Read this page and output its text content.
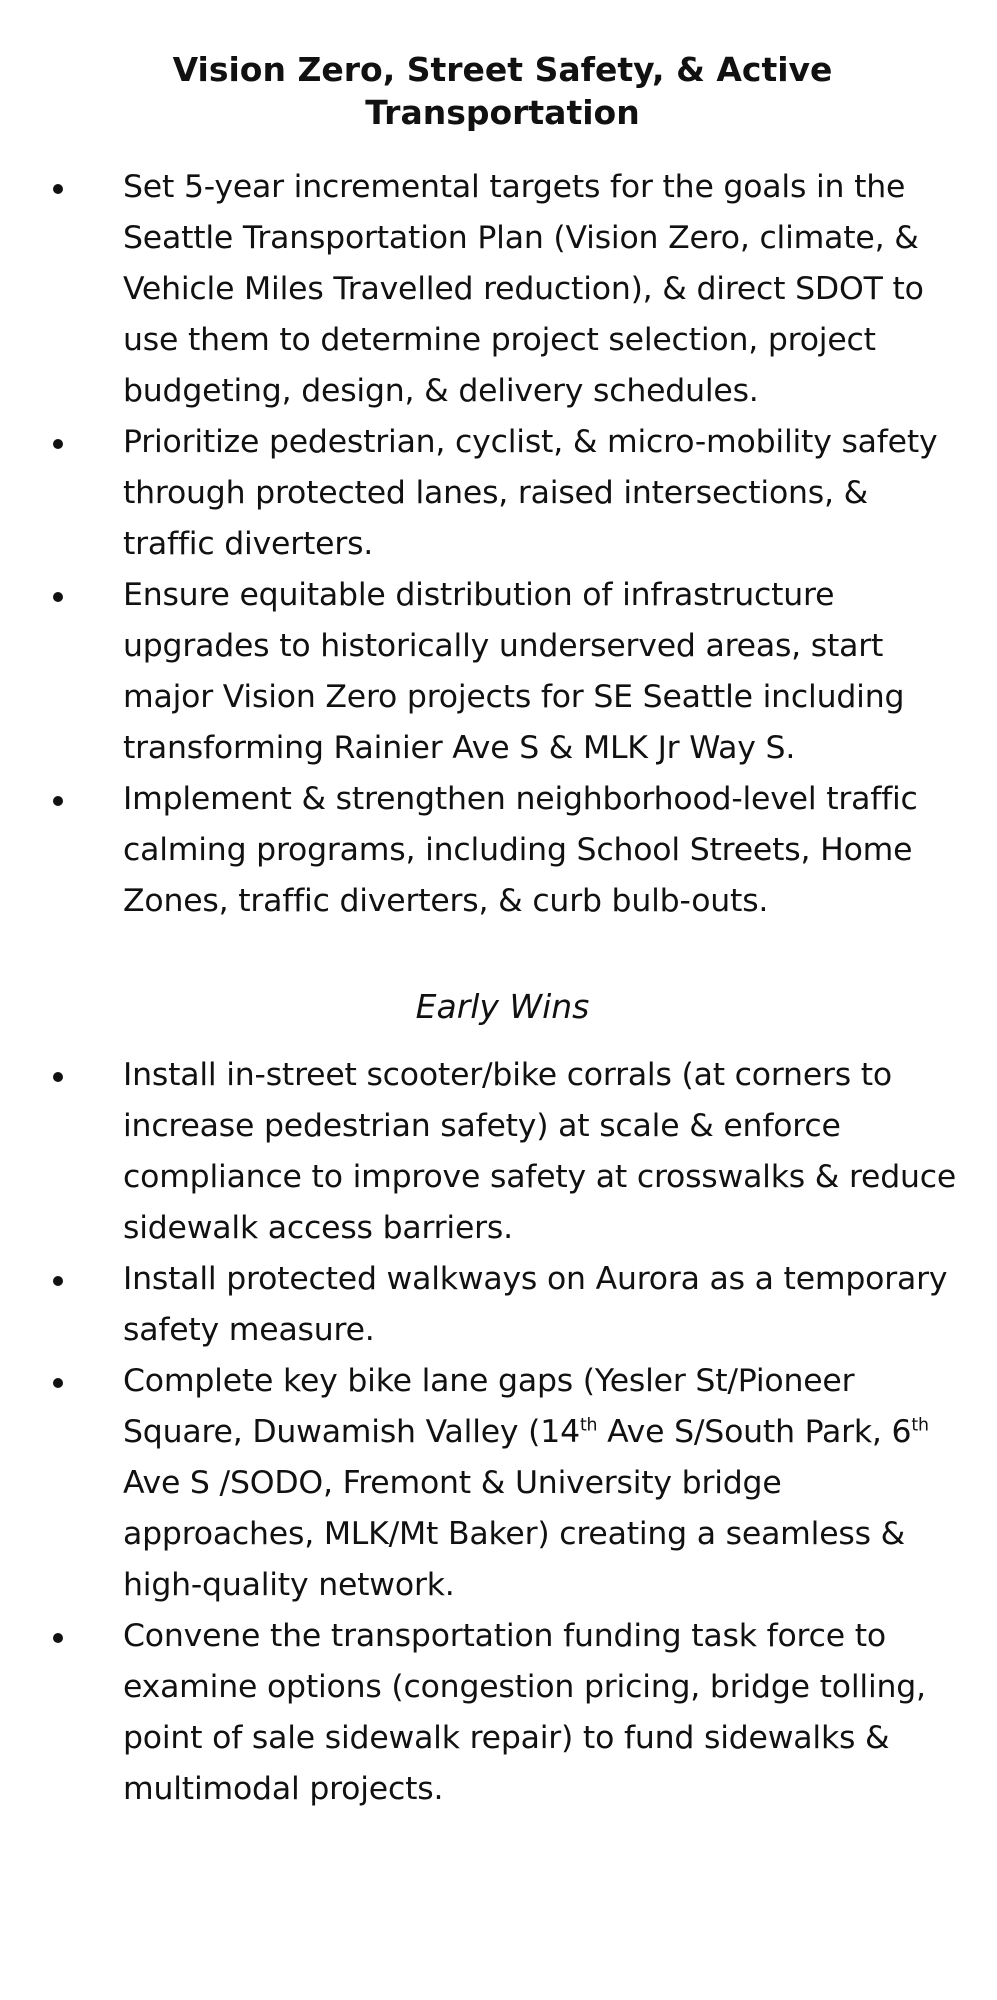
Vision Zero, Street Safety, & Active Transportation
Set 5-year incremental targets for the goals in the Seattle Transportation Plan (Vision Zero, climate, & Vehicle Miles Travelled reduction), & direct SDOT to use them to determine project selection, project budgeting, design, & delivery schedules.
Prioritize pedestrian, cyclist, & micro-mobility safety through protected lanes, raised intersections, & traffic diverters.
Ensure equitable distribution of infrastructure upgrades to historically underserved areas, start major Vision Zero projects for SE Seattle including transforming Rainier Ave S & MLK Jr Way S.
Implement & strengthen neighborhood-level traffic calming programs, including School Streets, Home Zones, traffic diverters, & curb bulb-outs.
Early Wins
Install in-street scooter/bike corrals (at corners to increase pedestrian safety) at scale & enforce compliance to improve safety at crosswalks & reduce sidewalk access barriers.
Install protected walkways on Aurora as a temporary safety measure.
Complete key bike lane gaps (Yesler St/Pioneer Square, Duwamish Valley (14th Ave S/South Park, 6th Ave S /SODO, Fremont & University bridge approaches, MLK/Mt Baker) creating a seamless & high-quality network.
Convene the transportation funding task force to examine options (congestion pricing, bridge tolling, point of sale sidewalk repair) to fund sidewalks & multimodal projects.
